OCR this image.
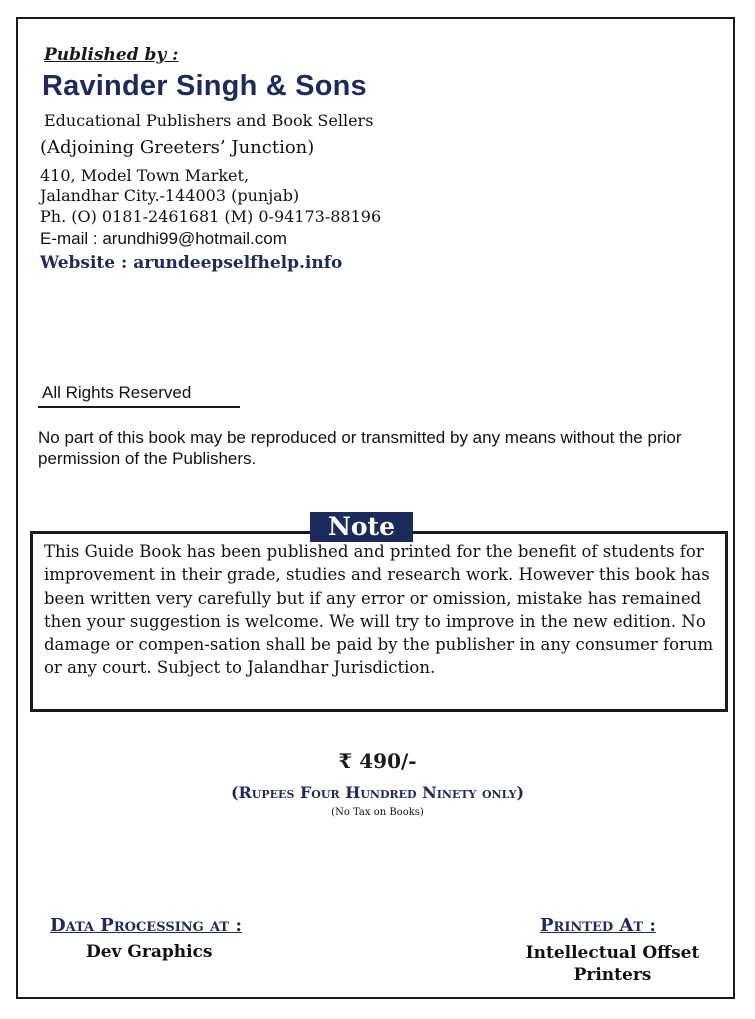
Published by :
Ravinder Singh & Sons
Educational Publishers and Book Sellers
(Adjoining Greeters’ Junction)
410, Model Town Market,
Jalandhar City.-144003 (punjab)
Ph. (O) 0181-2461681 (M) 0-94173-88196
E-mail : arundhi99@hotmail.com
Website : arundeepselfhelp.info
All Rights Reserved
No part of this book may be reproduced or transmitted by any means without the prior permission of the Publishers.
Note
This Guide Book has been published and printed for the benefit of students for improvement in their grade, studies and research work. However this book has been written very carefully but if any error or omission, mistake has remained then your suggestion is welcome. We will try to improve in the new edition. No damage or compen-sation shall be paid by the publisher in any consumer forum or any court. Subject to Jalandhar Jurisdiction.
₹ 490/-
(Rupees Four Hundred Ninety only)
(No Tax on Books)
Data Processing at :
Dev Graphics
Printed At :
Intellectual Offset Printers
